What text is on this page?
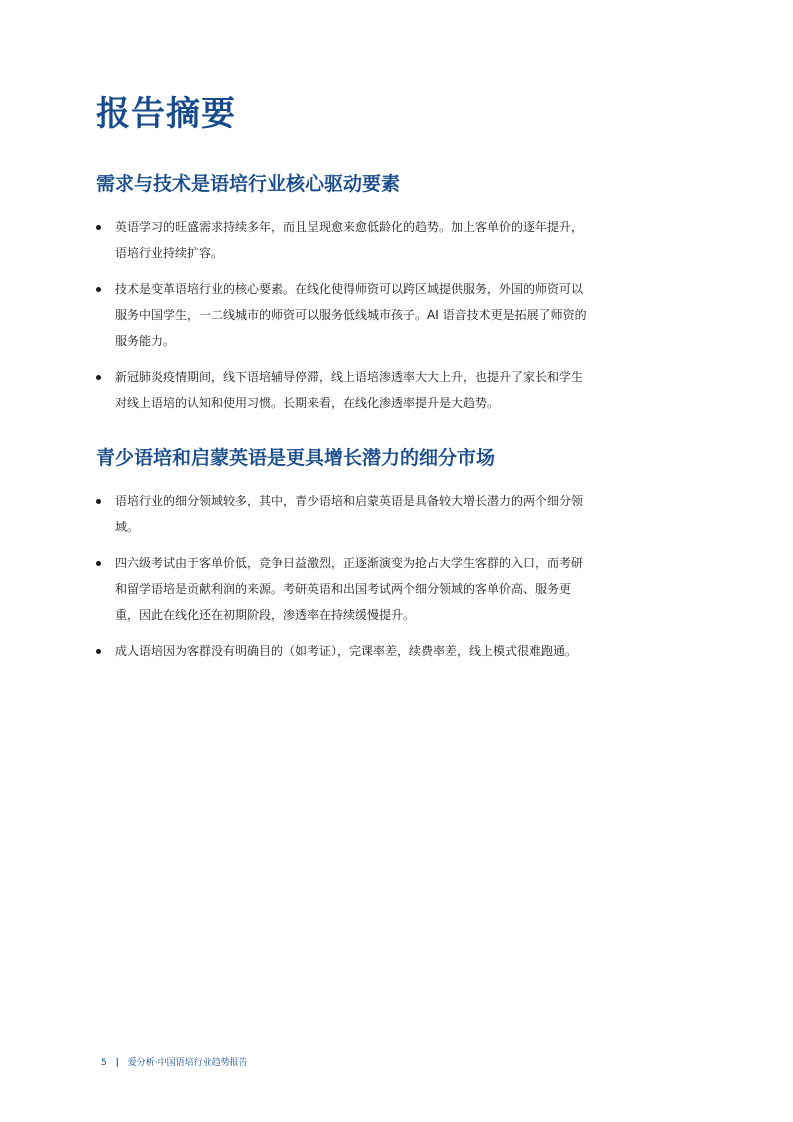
报告摘要
需求与技术是语培行业核心驱动要素
英语学习的旺盛需求持续多年，而且呈现愈来愈低龄化的趋势。加上客单价的逐年提升，语培行业持续扩容。
技术是变革语培行业的核心要素。在线化使得师资可以跨区域提供服务，外国的师资可以服务中国学生，一二线城市的师资可以服务低线城市孩子。AI 语音技术更是拓展了师资的服务能力。
新冠肺炎疫情期间，线下语培辅导停滞，线上语培渗透率大大上升，也提升了家长和学生对线上语培的认知和使用习惯。长期来看，在线化渗透率提升是大趋势。
青少语培和启蒙英语是更具增长潜力的细分市场
语培行业的细分领域较多，其中，青少语培和启蒙英语是具备较大增长潜力的两个细分领域。
四六级考试由于客单价低，竞争日益激烈，正逐渐演变为抢占大学生客群的入口，而考研和留学语培是贡献利润的来源。考研英语和出国考试两个细分领域的客单价高、服务更重，因此在线化还在初期阶段，渗透率在持续缓慢提升。
成人语培因为客群没有明确目的（如考证），完课率差，续费率差，线上模式很难跑通。
5 | 爱分析·中国语培行业趋势报告
